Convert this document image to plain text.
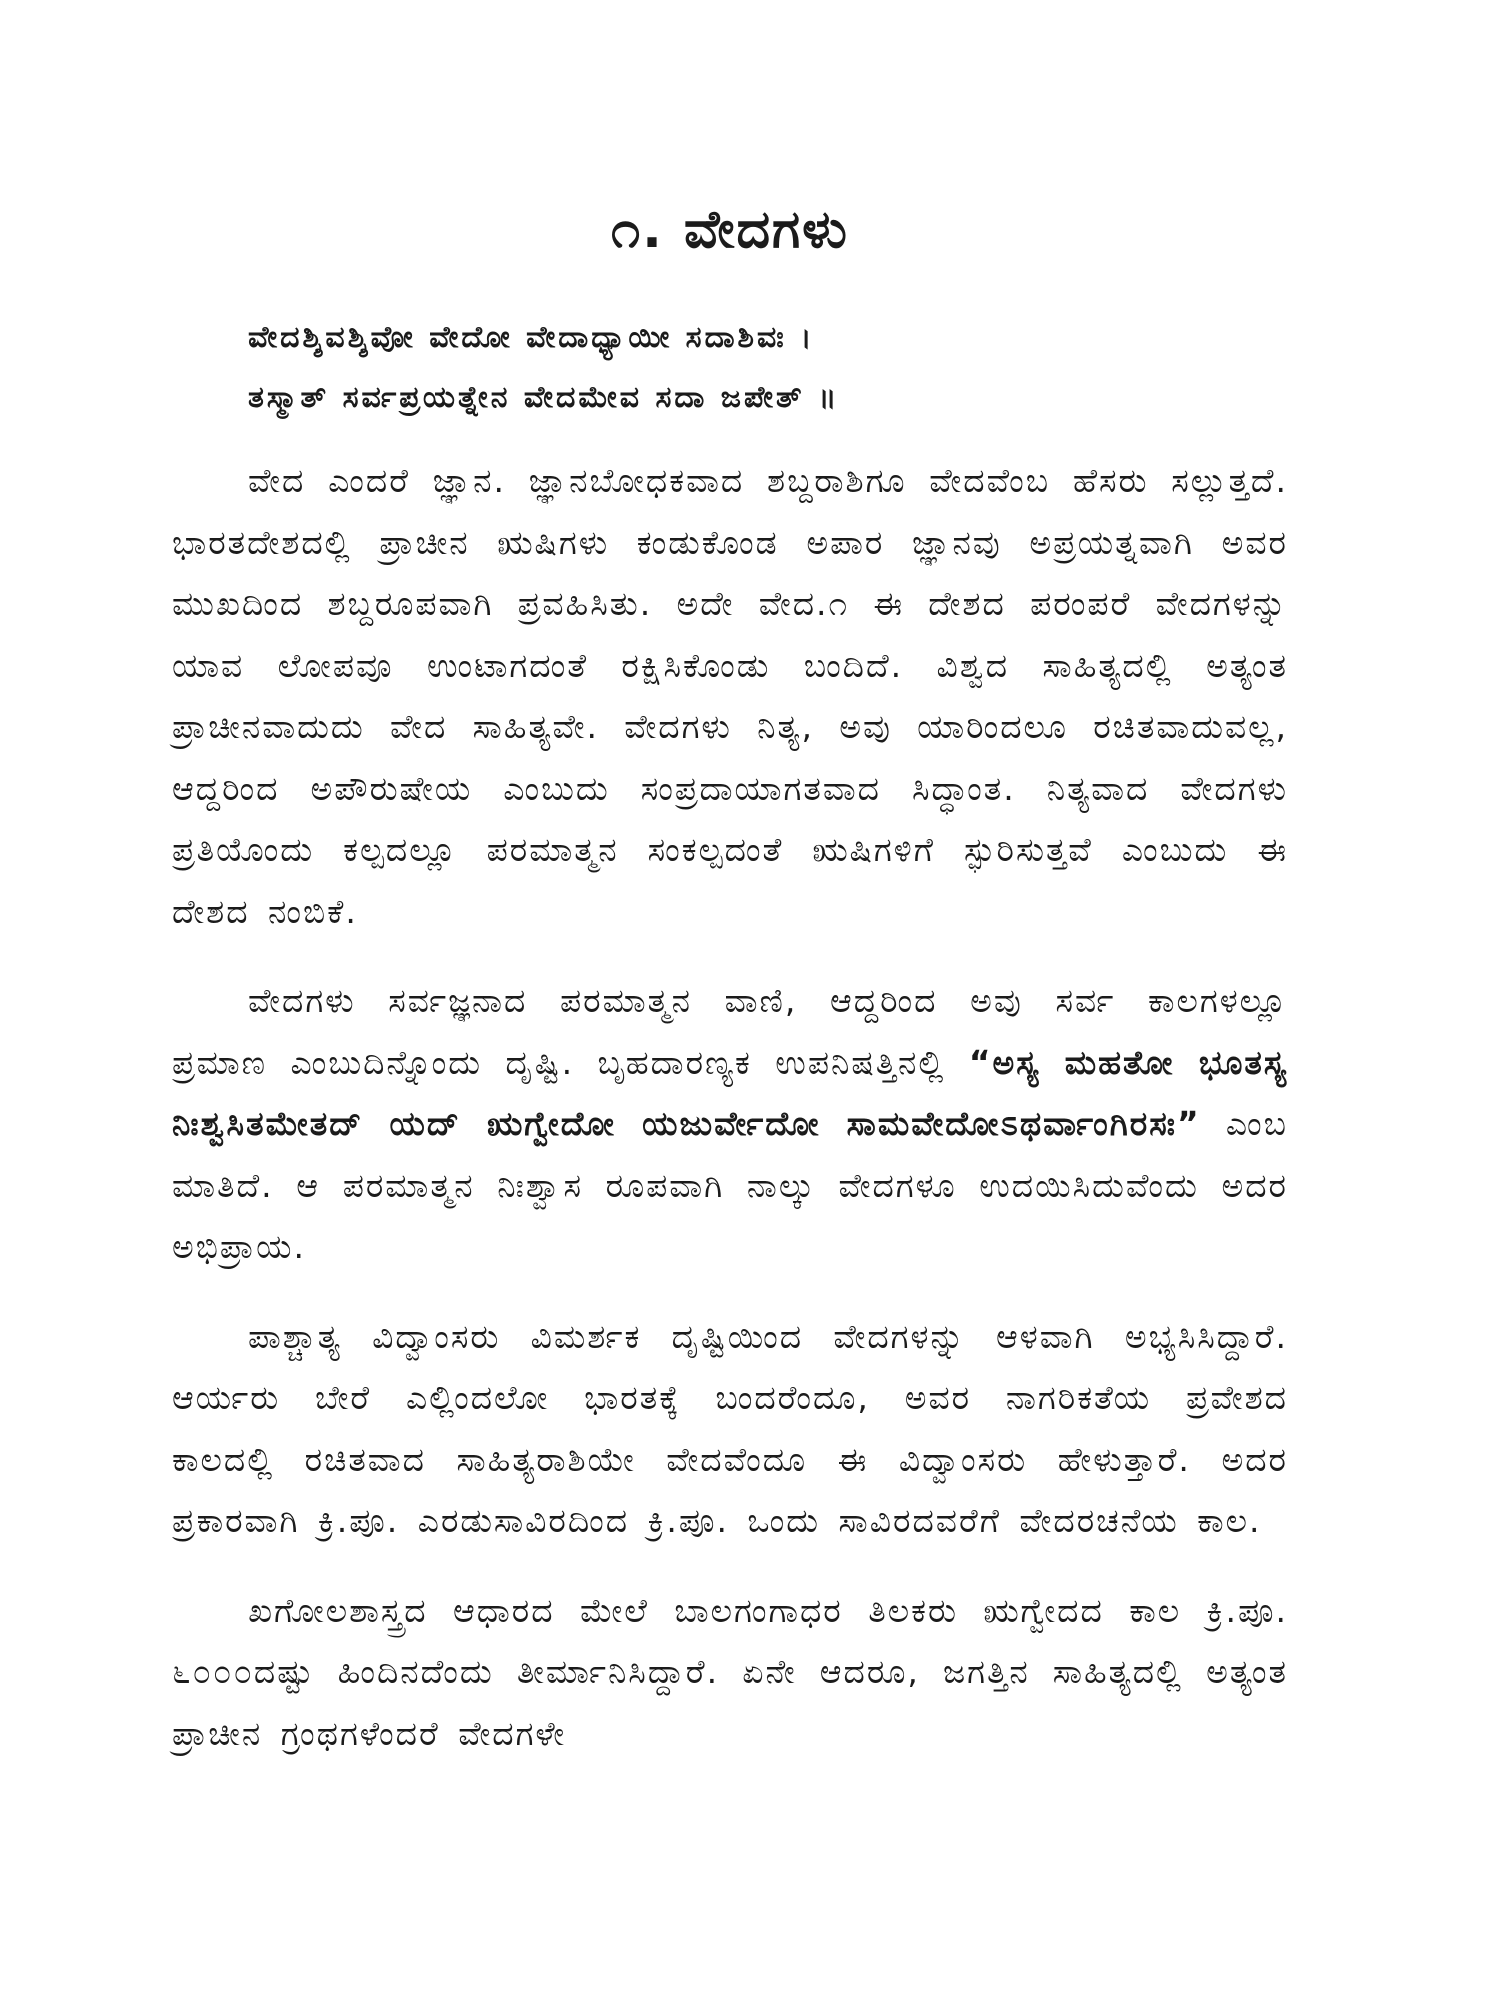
೧. ವೇದಗಳು
ವೇದಶ್ಶಿವಶ್ಶಿವೋ ವೇದೋ ವೇದಾಧ್ಯಾಯೀ ಸದಾಶಿವಃ ।
ತಸ್ಮಾತ್ ಸರ್ವಪ್ರಯತ್ನೇನ ವೇದಮೇವ ಸದಾ ಜಪೇತ್ ॥

ವೇದ ಎಂದರೆ ಜ್ಞಾನ. ಜ್ಞಾನಬೋಧಕವಾದ ಶಬ್ದರಾಶಿಗೂ ವೇದವೆಂಬ ಹೆಸರು ಸಲ್ಲುತ್ತದೆ. ಭಾರತದೇಶದಲ್ಲಿ ಪ್ರಾಚೀನ ಋಷಿಗಳು ಕಂಡುಕೊಂಡ ಅಪಾರ ಜ್ಞಾನವು ಅಪ್ರಯತ್ನವಾಗಿ ಅವರ ಮುಖದಿಂದ ಶಬ್ದರೂಪವಾಗಿ ಪ್ರವಹಿಸಿತು. ಅದೇ ವೇದ.೧ ಈ ದೇಶದ ಪರಂಪರೆ ವೇದಗಳನ್ನು ಯಾವ ಲೋಪವೂ ಉಂಟಾಗದಂತೆ ರಕ್ಷಿಸಿಕೊಂಡು ಬಂದಿದೆ. ವಿಶ್ವದ ಸಾಹಿತ್ಯದಲ್ಲಿ ಅತ್ಯಂತ ಪ್ರಾಚೀನವಾದುದು ವೇದ ಸಾಹಿತ್ಯವೇ. ವೇದಗಳು ನಿತ್ಯ, ಅವು ಯಾರಿಂದಲೂ ರಚಿತವಾದುವಲ್ಲ, ಆದ್ದರಿಂದ ಅಪೌರುಷೇಯ ಎಂಬುದು ಸಂಪ್ರದಾಯಾಗತವಾದ ಸಿದ್ಧಾಂತ. ನಿತ್ಯವಾದ ವೇದಗಳು ಪ್ರತಿಯೊಂದು ಕಲ್ಪದಲ್ಲೂ ಪರಮಾತ್ಮನ ಸಂಕಲ್ಪದಂತೆ ಋಷಿಗಳಿಗೆ ಸ್ಫುರಿಸುತ್ತವೆ ಎಂಬುದು ಈ ದೇಶದ ನಂಬಿಕೆ.

ವೇದಗಳು ಸರ್ವಜ್ಞನಾದ ಪರಮಾತ್ಮನ ವಾಣಿ, ಆದ್ದರಿಂದ ಅವು ಸರ್ವ ಕಾಲಗಳಲ್ಲೂ ಪ್ರಮಾಣ ಎಂಬುದಿನ್ನೊಂದು ದೃಷ್ಟಿ. ಬೃಹದಾರಣ್ಯಕ ಉಪನಿಷತ್ತಿನಲ್ಲಿ “ಅಸ್ಯ ಮಹತೋ ಭೂತಸ್ಯ ನಿಃಶ್ವಸಿತಮೇತದ್ ಯದ್ ಋಗ್ವೇದೋ ಯಜುರ್ವೇದೋ ಸಾಮವೇದೋಽಥರ್ವಾಂಗಿರಸಃ” ಎಂಬ ಮಾತಿದೆ. ಆ ಪರಮಾತ್ಮನ ನಿಃಶ್ವಾಸ ರೂಪವಾಗಿ ನಾಲ್ಕು ವೇದಗಳೂ ಉದಯಿಸಿದುವೆಂದು ಅದರ ಅಭಿಪ್ರಾಯ.

ಪಾಶ್ಚಾತ್ಯ ವಿದ್ವಾಂಸರು ವಿಮರ್ಶಕ ದೃಷ್ಟಿಯಿಂದ ವೇದಗಳನ್ನು ಆಳವಾಗಿ ಅಭ್ಯಸಿಸಿದ್ದಾರೆ. ಆರ್ಯರು ಬೇರೆ ಎಲ್ಲಿಂದಲೋ ಭಾರತಕ್ಕೆ ಬಂದರೆಂದೂ, ಅವರ ನಾಗರಿಕತೆಯ ಪ್ರವೇಶದ ಕಾಲದಲ್ಲಿ ರಚಿತವಾದ ಸಾಹಿತ್ಯರಾಶಿಯೇ ವೇದವೆಂದೂ ಈ ವಿದ್ವಾಂಸರು ಹೇಳುತ್ತಾರೆ. ಅದರ ಪ್ರಕಾರವಾಗಿ ಕ್ರಿ.ಪೂ. ಎರಡುಸಾವಿರದಿಂದ ಕ್ರಿ.ಪೂ. ಒಂದು ಸಾವಿರದವರೆಗೆ ವೇದರಚನೆಯ ಕಾಲ.

ಖಗೋಲಶಾಸ್ತ್ರದ ಆಧಾರದ ಮೇಲೆ ಬಾಲಗಂಗಾಧರ ತಿಲಕರು ಋಗ್ವೇದದ ಕಾಲ ಕ್ರಿ.ಪೂ. ೬೦೦೦ದಷ್ಟು ಹಿಂದಿನದೆಂದು ತೀರ್ಮಾನಿಸಿದ್ದಾರೆ. ಏನೇ ಆದರೂ, ಜಗತ್ತಿನ ಸಾಹಿತ್ಯದಲ್ಲಿ ಅತ್ಯಂತ ಪ್ರಾಚೀನ ಗ್ರಂಥಗಳೆಂದರೆ ವೇದಗಳೇ
